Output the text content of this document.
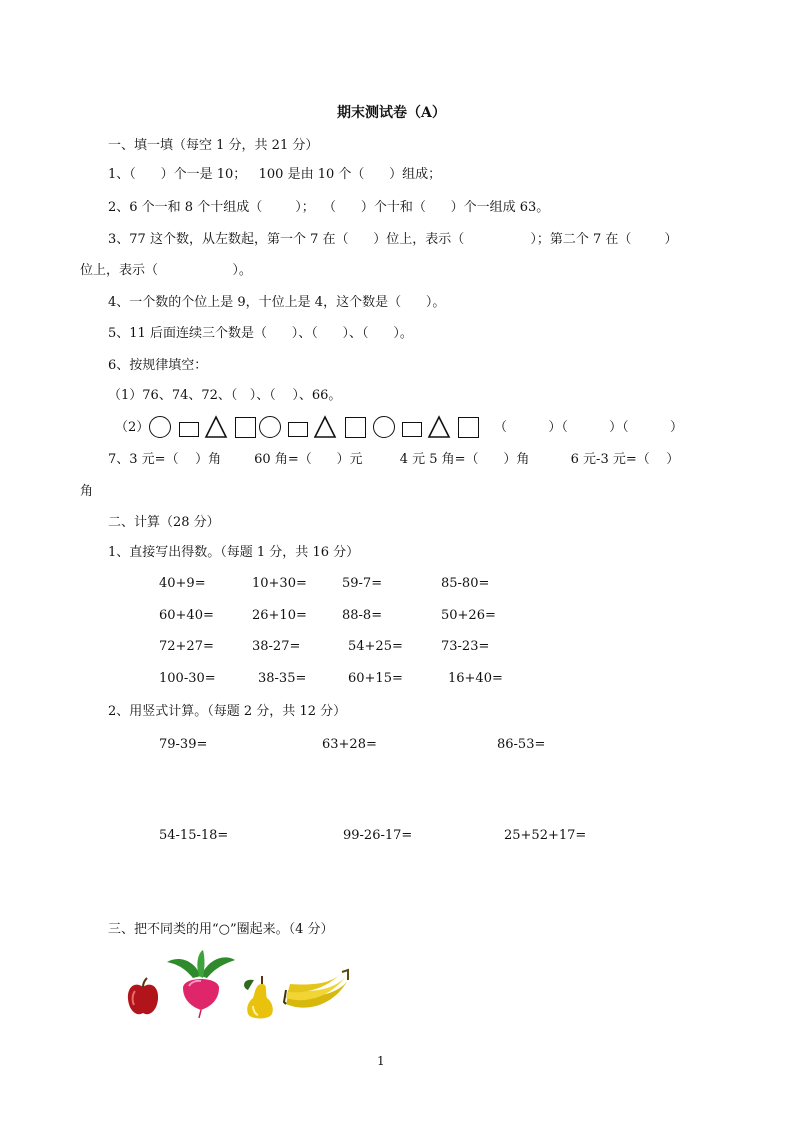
期末测试卷（A）
一、填一填（每空 1 分，共 21 分）
1、（      ）个一是 10；   100 是由 10 个（      ）组成；
2、6 个一和 8 个十组成（        ）；  （      ）个十和（      ）个一组成 63。
3、77 这个数，从左数起，第一个 7 在（      ）位上，表示（                ）；第二个 7 在（        ）
位上，表示（                  ）。
4、一个数的个位上是 9，十位上是 4，这个数是（      ）。
5、11 后面连续三个数是（      ）、（      ）、（      ）。
6、按规律填空：
（1）76、74、72、（   ）、（    ）、66。
（2）	（          ）（          ）（          ）
7、3 元=（    ）角        60 角=（      ）元         4 元 5 角=（      ）角          6 元-3 元=（    ）
角
二、计算（28 分）
1、直接写出得数。（每题 1 分，共 16 分）
40+9=	10+30=	59-7=	85-80=
60+40=	26+10=	88-8=	50+26=
72+27=	38-27=	54+25=	73-23=
100-30=	38-35=	60+15=	16+40=
2、用竖式计算。（每题 2 分，共 12 分）
79-39=	63+28=	86-53=
54-15-18=	99-26-17=	25+52+17=
三、把不同类的用“○”圈起来。（4 分）
1
